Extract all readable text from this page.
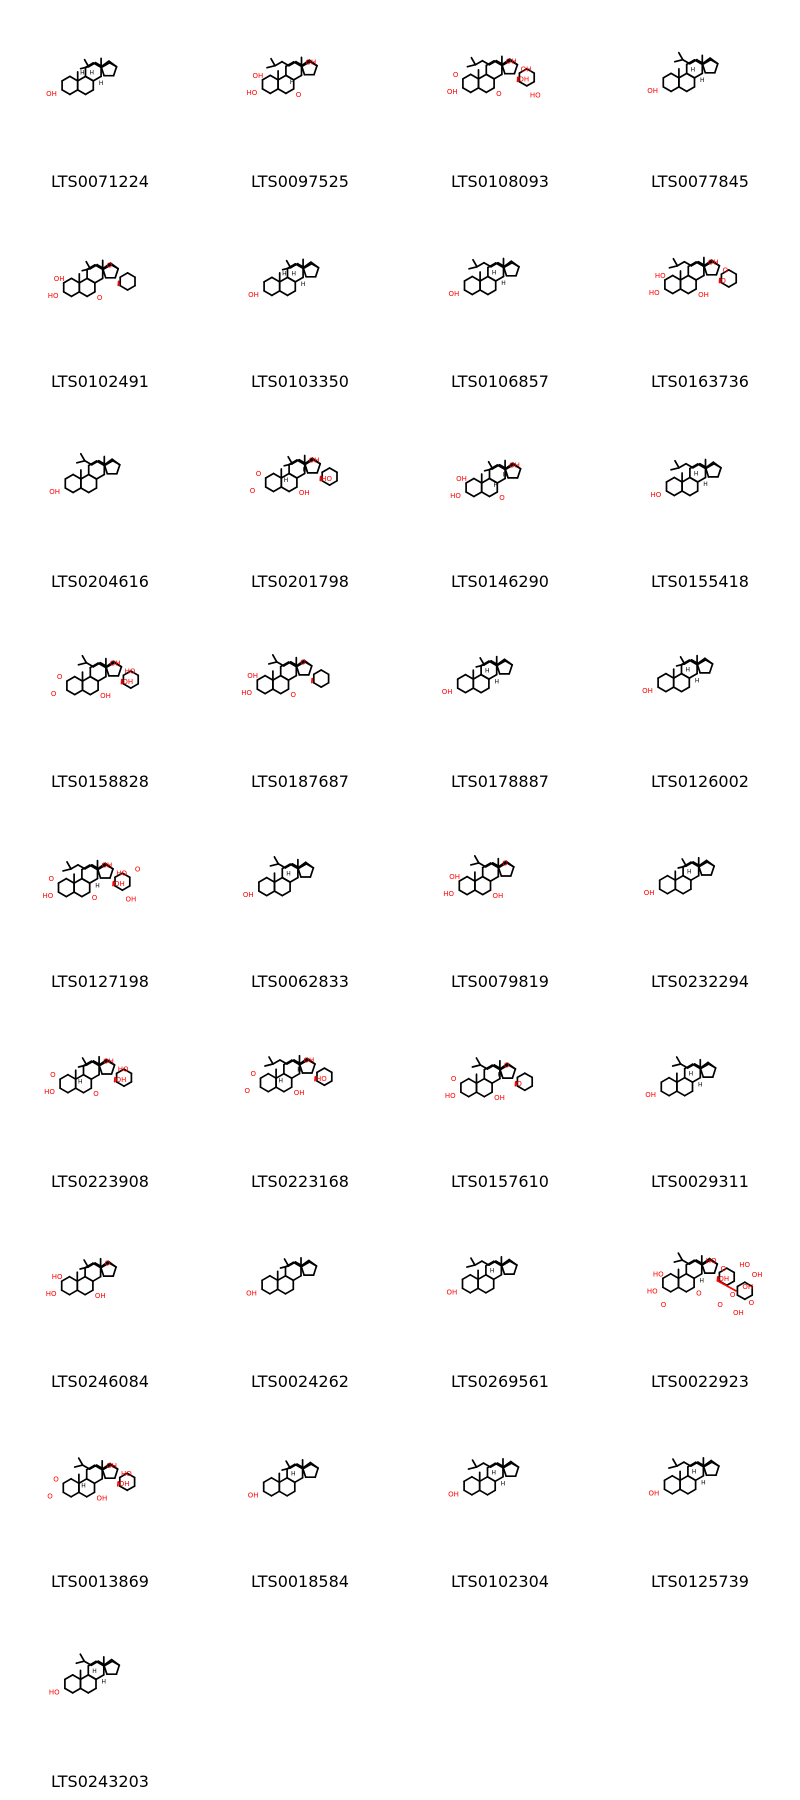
OH
H
H
H
LTS0071224
HO
OH
O
OH
H
LTS0097525
OH
O
O
OH
OH
OH
HO
LTS0108093
OH
H
H
LTS0077845
HO
OH
O
O
LTS0102491
OH
H
H
H
LTS0103350
OH
H
H
LTS0106857
HO
HO
OH
OH
O
O
LTS0163736
OH
LTS0204616
O
O
OH
OH
HO
H
H
LTS0201798
HO
OH
O
OH
H
H
LTS0146290
HO
H
H
LTS0155418
O
O
OH
OH
OH
HO
LTS0158828
HO
OH
O
O
LTS0187687
OH
H
H
LTS0178887
OH
H
H
LTS0126002
HO
O
O
OH
OH
HO
OH
O
H
LTS0127198
OH
H
LTS0062833
HO
OH
OH
O
LTS0079819
OH
H
LTS0232294
HO
O
O
OH
OH
HO
H
LTS0223908
O
O
OH
OH
HO
H
H
LTS0223168
HO
O
OH
O
O
H
LTS0157610
OH
H
H
LTS0029311
HO
HO
OH
O
LTS0246084
OH
LTS0024262
OH
H
LTS0269561
HO
HO
O
HO
OH
O
O
HO
OH
O	O
OH
OH
O
H
LTS0022923
O
O
OH
OH
OH
HO
H
LTS0013869
OH
H
LTS0018584
OH
H
H
LTS0102304
OH
H
H
LTS0125739
HO
H
H
LTS0243203
